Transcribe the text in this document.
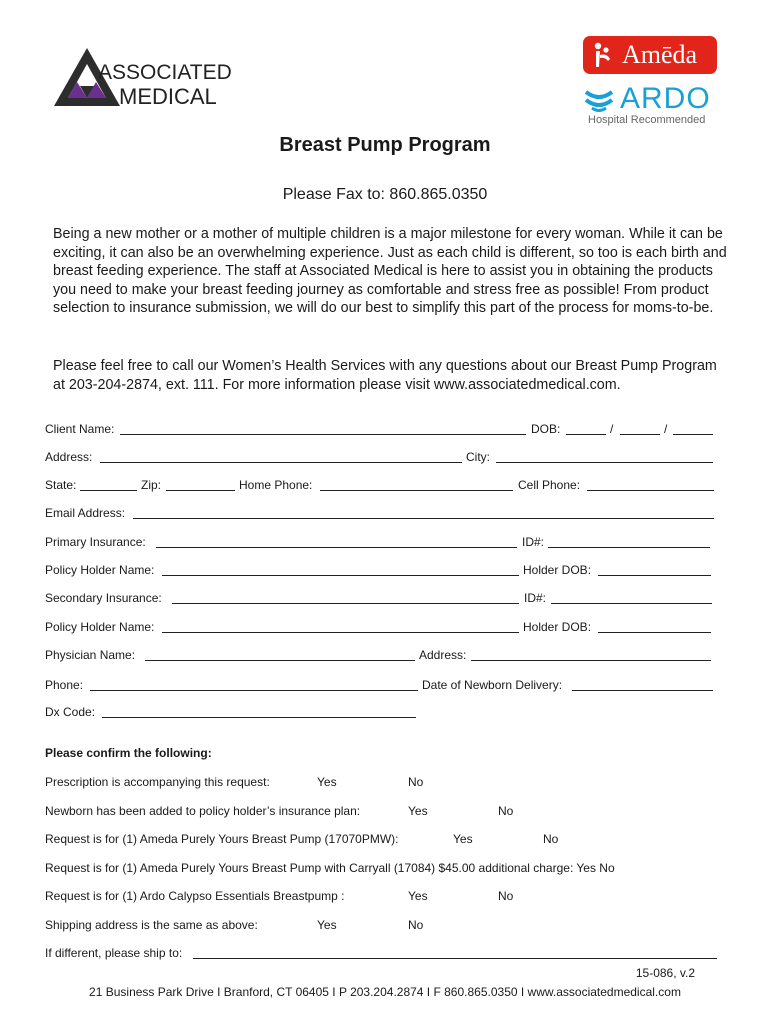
ASSOCIATED
MEDICAL
Amēda
ARDO
Hospital Recommended
Breast Pump Program
Please Fax to: 860.865.0350

Being a new mother or a mother of multiple children is a major milestone for every woman. While it can be exciting, it can also be an overwhelming experience. Just as each child is different, so too is each birth and breast feeding experience. The staff at Associated Medical is here to assist you in obtaining the products you need to make your breast feeding journey as comfortable and stress free as possible! From product selection to insurance submission, we will do our best to simplify this part of the process for moms-to-be.

Please feel free to call our Women’s Health Services with any questions about our Breast Pump Program at 203-204-2874, ext. 111. For more information please visit www.associatedmedical.com.

Client Name:	DOB:	/	/
Address:	City:
State:	Zip:	Home Phone:	Cell Phone:
Email Address:
Primary Insurance:	ID#:
Policy Holder Name:	Holder DOB:
Secondary Insurance:	ID#:
Policy Holder Name:	Holder DOB:
Physician Name:	Address:
Phone:	Date of Newborn Delivery:
Dx Code:
Please confirm the following:
Prescription is accompanying this request:	Yes	No
Newborn has been added to policy holder’s insurance plan:	Yes	No
Request is for (1) Ameda Purely Yours Breast Pump (17070PMW):	Yes	No
Request is for (1) Ameda Purely Yours Breast Pump with Carryall (17084) $45.00 additional charge: Yes No
Request is for (1) Ardo Calypso Essentials Breastpump :	Yes	No
Shipping address is the same as above:	Yes	No
If different, please ship to:
15-086, v.2
21 Business Park Drive I Branford, CT 06405 I P 203.204.2874 I F 860.865.0350 I www.associatedmedical.com
